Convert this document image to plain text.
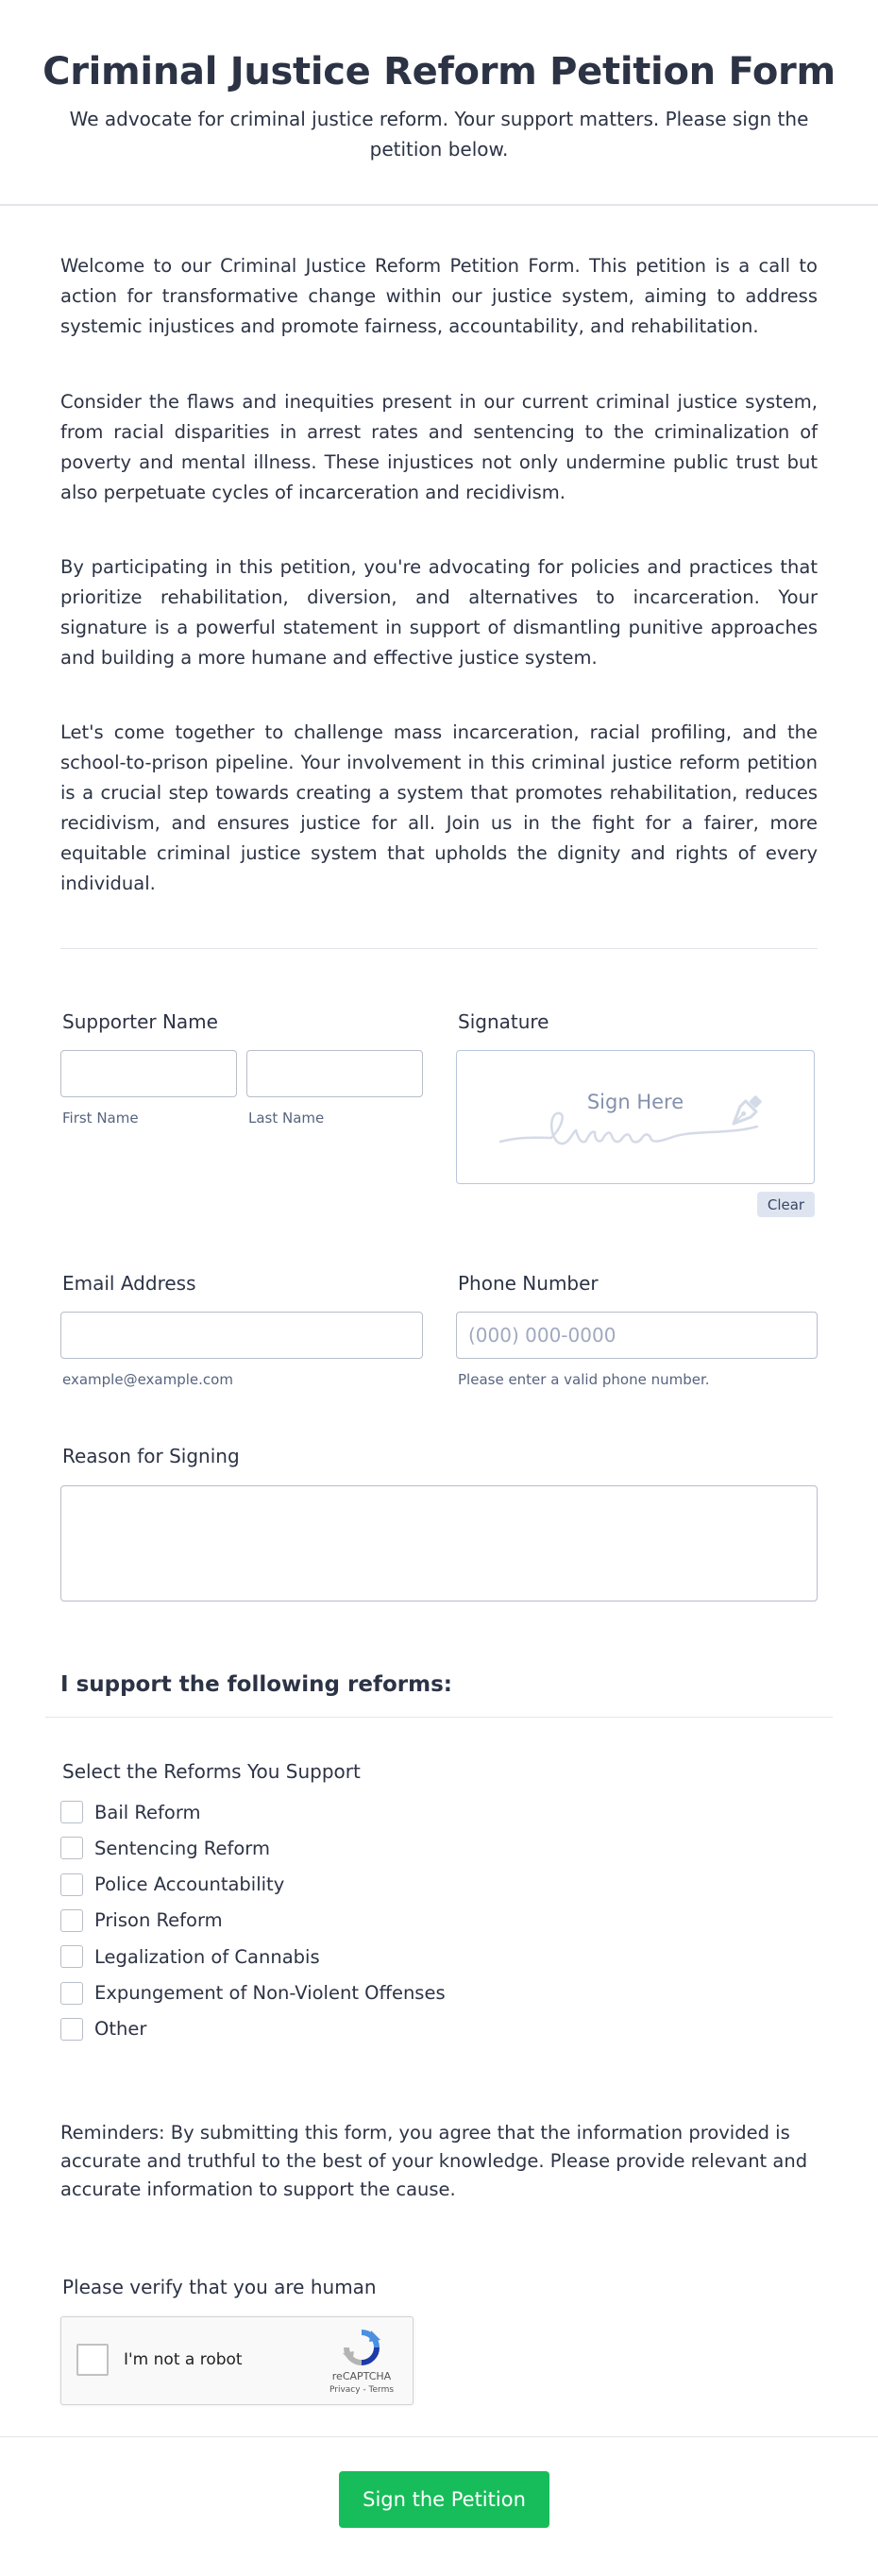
Criminal Justice Reform Petition Form

We advocate for criminal justice reform. Your support matters. Please sign the petition below.

Welcome to our Criminal Justice Reform Petition Form. This petition is a call to action for transformative change within our justice system, aiming to address systemic injustices and promote fairness, accountability, and rehabilitation.

Consider the flaws and inequities present in our current criminal justice system, from racial disparities in arrest rates and sentencing to the criminalization of poverty and mental illness. These injustices not only undermine public trust but also perpetuate cycles of incarceration and recidivism.

By participating in this petition, you're advocating for policies and practices that prioritize rehabilitation, diversion, and alternatives to incarceration. Your signature is a powerful statement in support of dismantling punitive approaches and building a more humane and effective justice system.

Let's come together to challenge mass incarceration, racial profiling, and the school-to-prison pipeline. Your involvement in this criminal justice reform petition is a crucial step towards creating a system that promotes rehabilitation, reduces recidivism, and ensures justice for all. Join us in the fight for a fairer, more equitable criminal justice system that upholds the dignity and rights of every individual.

Supporter Name
First Name	Last Name
Signature
Sign Here
Clear
Email Address
example@example.com
Phone Number
(000) 000-0000
Please enter a valid phone number.
Reason for Signing
I support the following reforms:
Select the Reforms You Support
Bail Reform
Sentencing Reform
Police Accountability
Prison Reform
Legalization of Cannabis
Expungement of Non-Violent Offenses
Other

Reminders: By submitting this form, you agree that the information provided is accurate and truthful to the best of your knowledge. Please provide relevant and accurate information to support the cause.

Please verify that you are human
I'm not a robot
reCAPTCHA
Privacy - Terms
Sign the Petition
